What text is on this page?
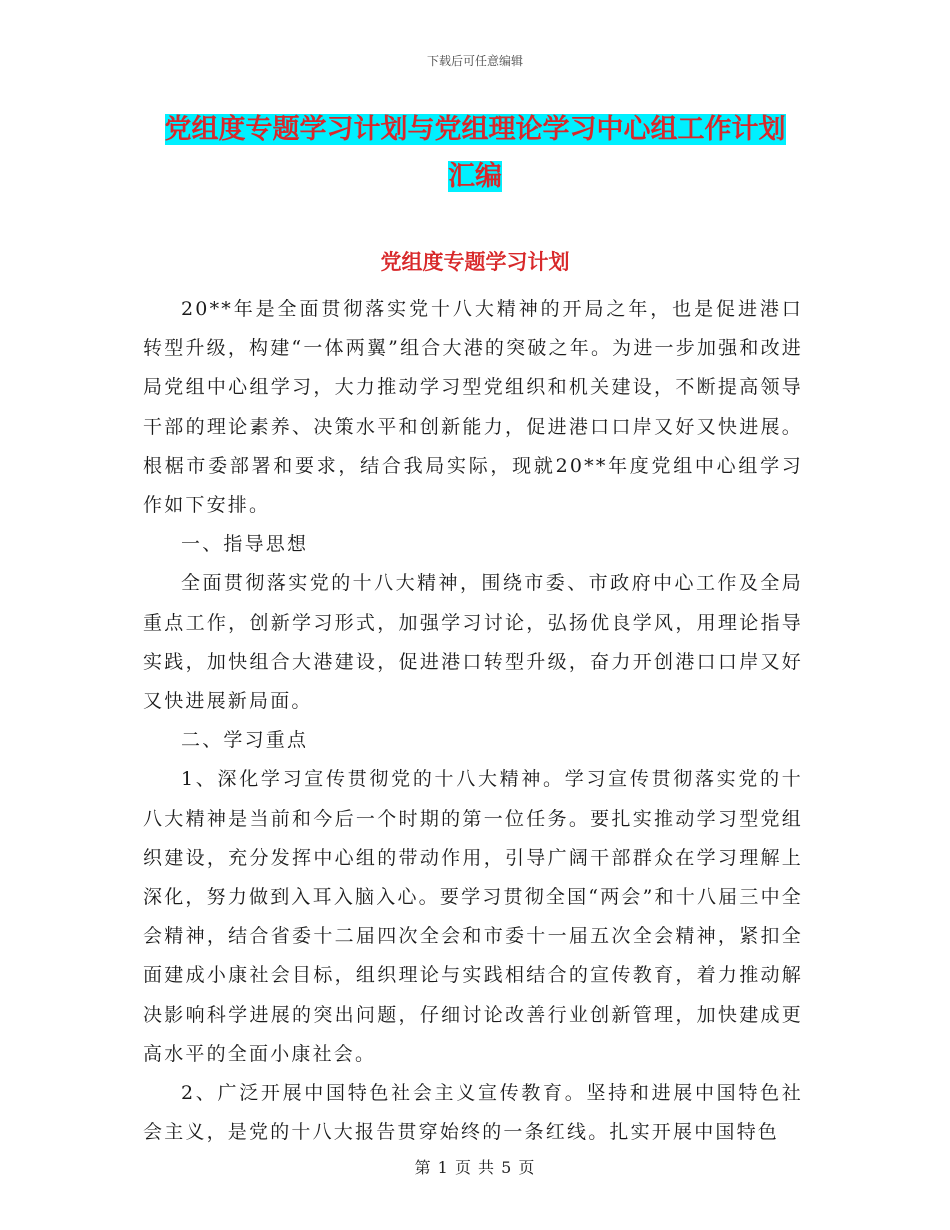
下载后可任意编辑
党组度专题学习计划与党组理论学习中心组工作计划
汇编
党组度专题学习计划

20**年是全面贯彻落实党十八大精神的开局之年，也是促进港口转型升级，构建“一体两翼”组合大港的突破之年。为进一步加强和改进局党组中心组学习，大力推动学习型党组织和机关建设，不断提高领导干部的理论素养、决策水平和创新能力，促进港口口岸又好又快进展。根椐市委部署和要求，结合我局实际，现就20**年度党组中心组学习作如下安排。

一、指导思想

全面贯彻落实党的十八大精神，围绕市委、市政府中心工作及全局重点工作，创新学习形式，加强学习讨论，弘扬优良学风，用理论指导实践，加快组合大港建设，促进港口转型升级，奋力开创港口口岸又好又快进展新局面。

二、学习重点

1、深化学习宣传贯彻党的十八大精神。学习宣传贯彻落实党的十八大精神是当前和今后一个时期的第一位任务。要扎实推动学习型党组织建设，充分发挥中心组的带动作用，引导广阔干部群众在学习理解上深化，努力做到入耳入脑入心。要学习贯彻全国“两会”和十八届三中全会精神，结合省委十二届四次全会和市委十一届五次全会精神，紧扣全面建成小康社会目标，组织理论与实践相结合的宣传教育，着力推动解决影响科学进展的突出问题，仔细讨论改善行业创新管理，加快建成更高水平的全面小康社会。

2、广泛开展中国特色社会主义宣传教育。坚持和进展中国特色社会主义，是党的十八大报告贯穿始终的一条红线。扎实开展中国特色

第 1 页 共 5 页
